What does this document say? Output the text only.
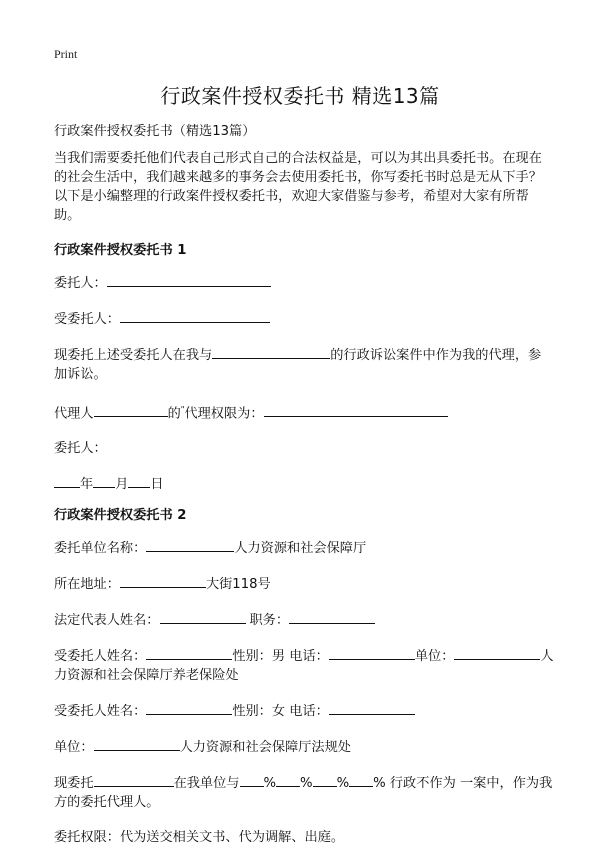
Print
行政案件授权委托书 精选13篇

行政案件授权委托书（精选13篇）

当我们需要委托他们代表自己形式自己的合法权益是，可以为其出具委托书。在现在的社会生活中，我们越来越多的事务会去使用委托书，你写委托书时总是无从下手？以下是小编整理的行政案件授权委托书，欢迎大家借鉴与参考，希望对大家有所帮助。

行政案件授权委托书 1

委托人：

受委托人：

现委托上述受委托人在我与	的行政诉讼案件中作为我的代理，参加诉讼。

代理人	的"代理权限为：

委托人：

年 月 日

行政案件授权委托书 2

委托单位名称：	人力资源和社会保障厅

所在地址：	大街118号

法定代表人姓名：	职务：

受委托人姓名：	性别：男 电话：	单位：	人力资源和社会保障厅养老保险处

受委托人姓名：	性别：女 电话：

单位：	人力资源和社会保障厅法规处

现委托	在我单位与 % % % % 行政不作为 一案中，作为我方的委托代理人。

委托权限：代为送交相关文书、代为调解、出庭。
